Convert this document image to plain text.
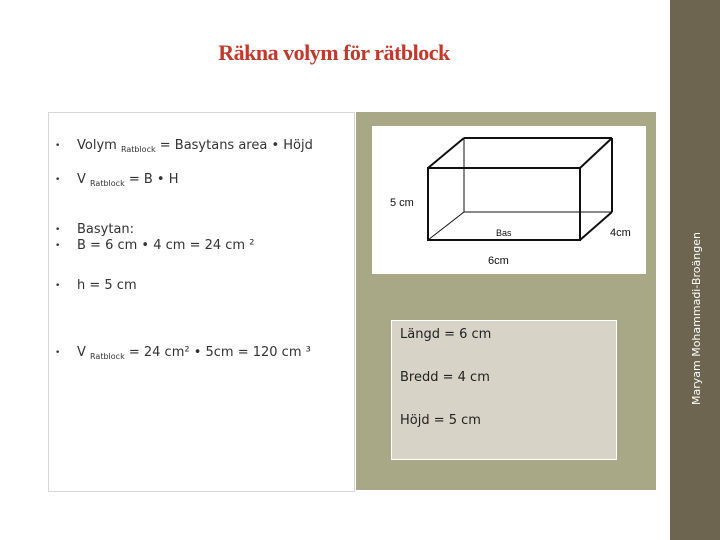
Räkna volym för rätblock
Maryam Mohammadi-Broängen
• Volym $_{Ratblock}$ = Basytans area • Höjd
• V $_{Ratblock}$ = B • H
• Basytan:
• B = 6 cm • 4 cm = 24 cm ²
• h = 5 cm
• V $_{Ratblock}$ = 24 cm² • 5cm = 120 cm ³
5 cm
4cm
6cm
Bas
Längd = 6 cm
Bredd = 4 cm
Höjd = 5 cm
